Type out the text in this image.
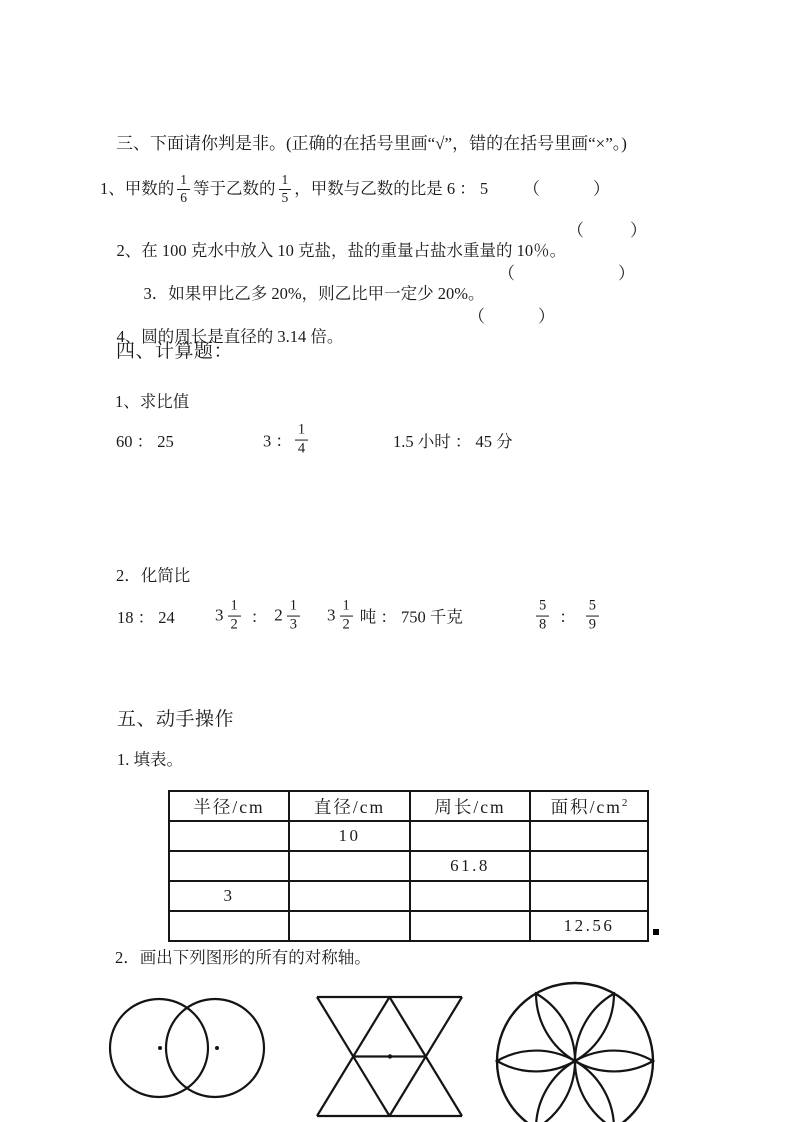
三、下面请你判是非。(正确的在括号里画“√”，错的在括号里画“×”。)
1、甲数的 $\frac{1}{6}$ 等于乙数的 $\frac{1}{5}$ ，甲数与乙数的比是 6 ： 5 （	）

2、在 100 克水中放入 10 克盐，盐的重量占盐水重量的 10％。

（

	）

3．如果甲比乙多 20%，则乙比甲一定少 20%。

（

	）

4、圆的周长是直径的 3.14 倍。

（

	）

四、计算题：
1、求比值
60 ： 25	3 ： $\frac{1}{4}$	1.5 小时 ： 45 分
2．化简比
18 ： 24 $3 \frac{1}{2}$ ： $2 \frac{1}{3} 3 \frac{1}{2}$ 吨 ： 750 千克	$\frac{5}{8}$ ： $\frac{5}{9}$
五、动手操作
1. 填表。
半径/cm	直径/cm	周长/cm	面积$/cm^2$
	10		
		61.8	
3			
			12.56
2．画出下列图形的所有的对称轴。
